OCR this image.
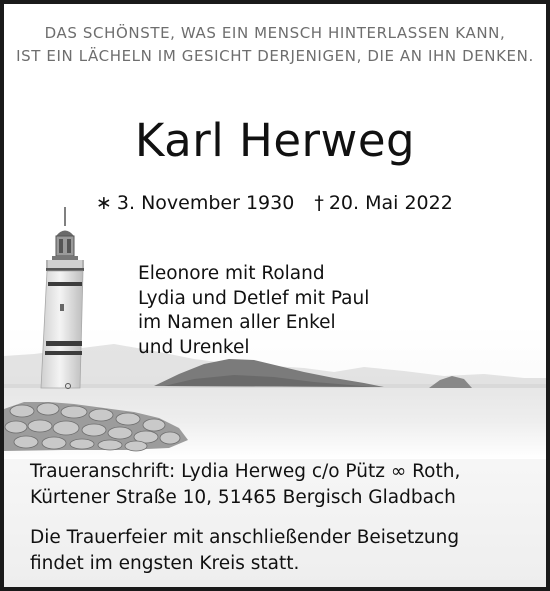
DAS SCHÖNSTE, WAS EIN MENSCH HINTERLASSEN KANN,
IST EIN LÄCHELN IM GESICHT DERJENIGEN, DIE AN IHN DENKEN.
Karl Herweg
∗ 3. November 1930 † 20. Mai 2022
Eleonore mit Roland
Lydia und Detlef mit Paul
im Namen aller Enkel
und Urenkel
Traueranschrift: Lydia Herweg c/o Pütz ∞ Roth,
Kürtener Straße 10, 51465 Bergisch Gladbach
Die Trauerfeier mit anschließender Beisetzung
findet im engsten Kreis statt.
